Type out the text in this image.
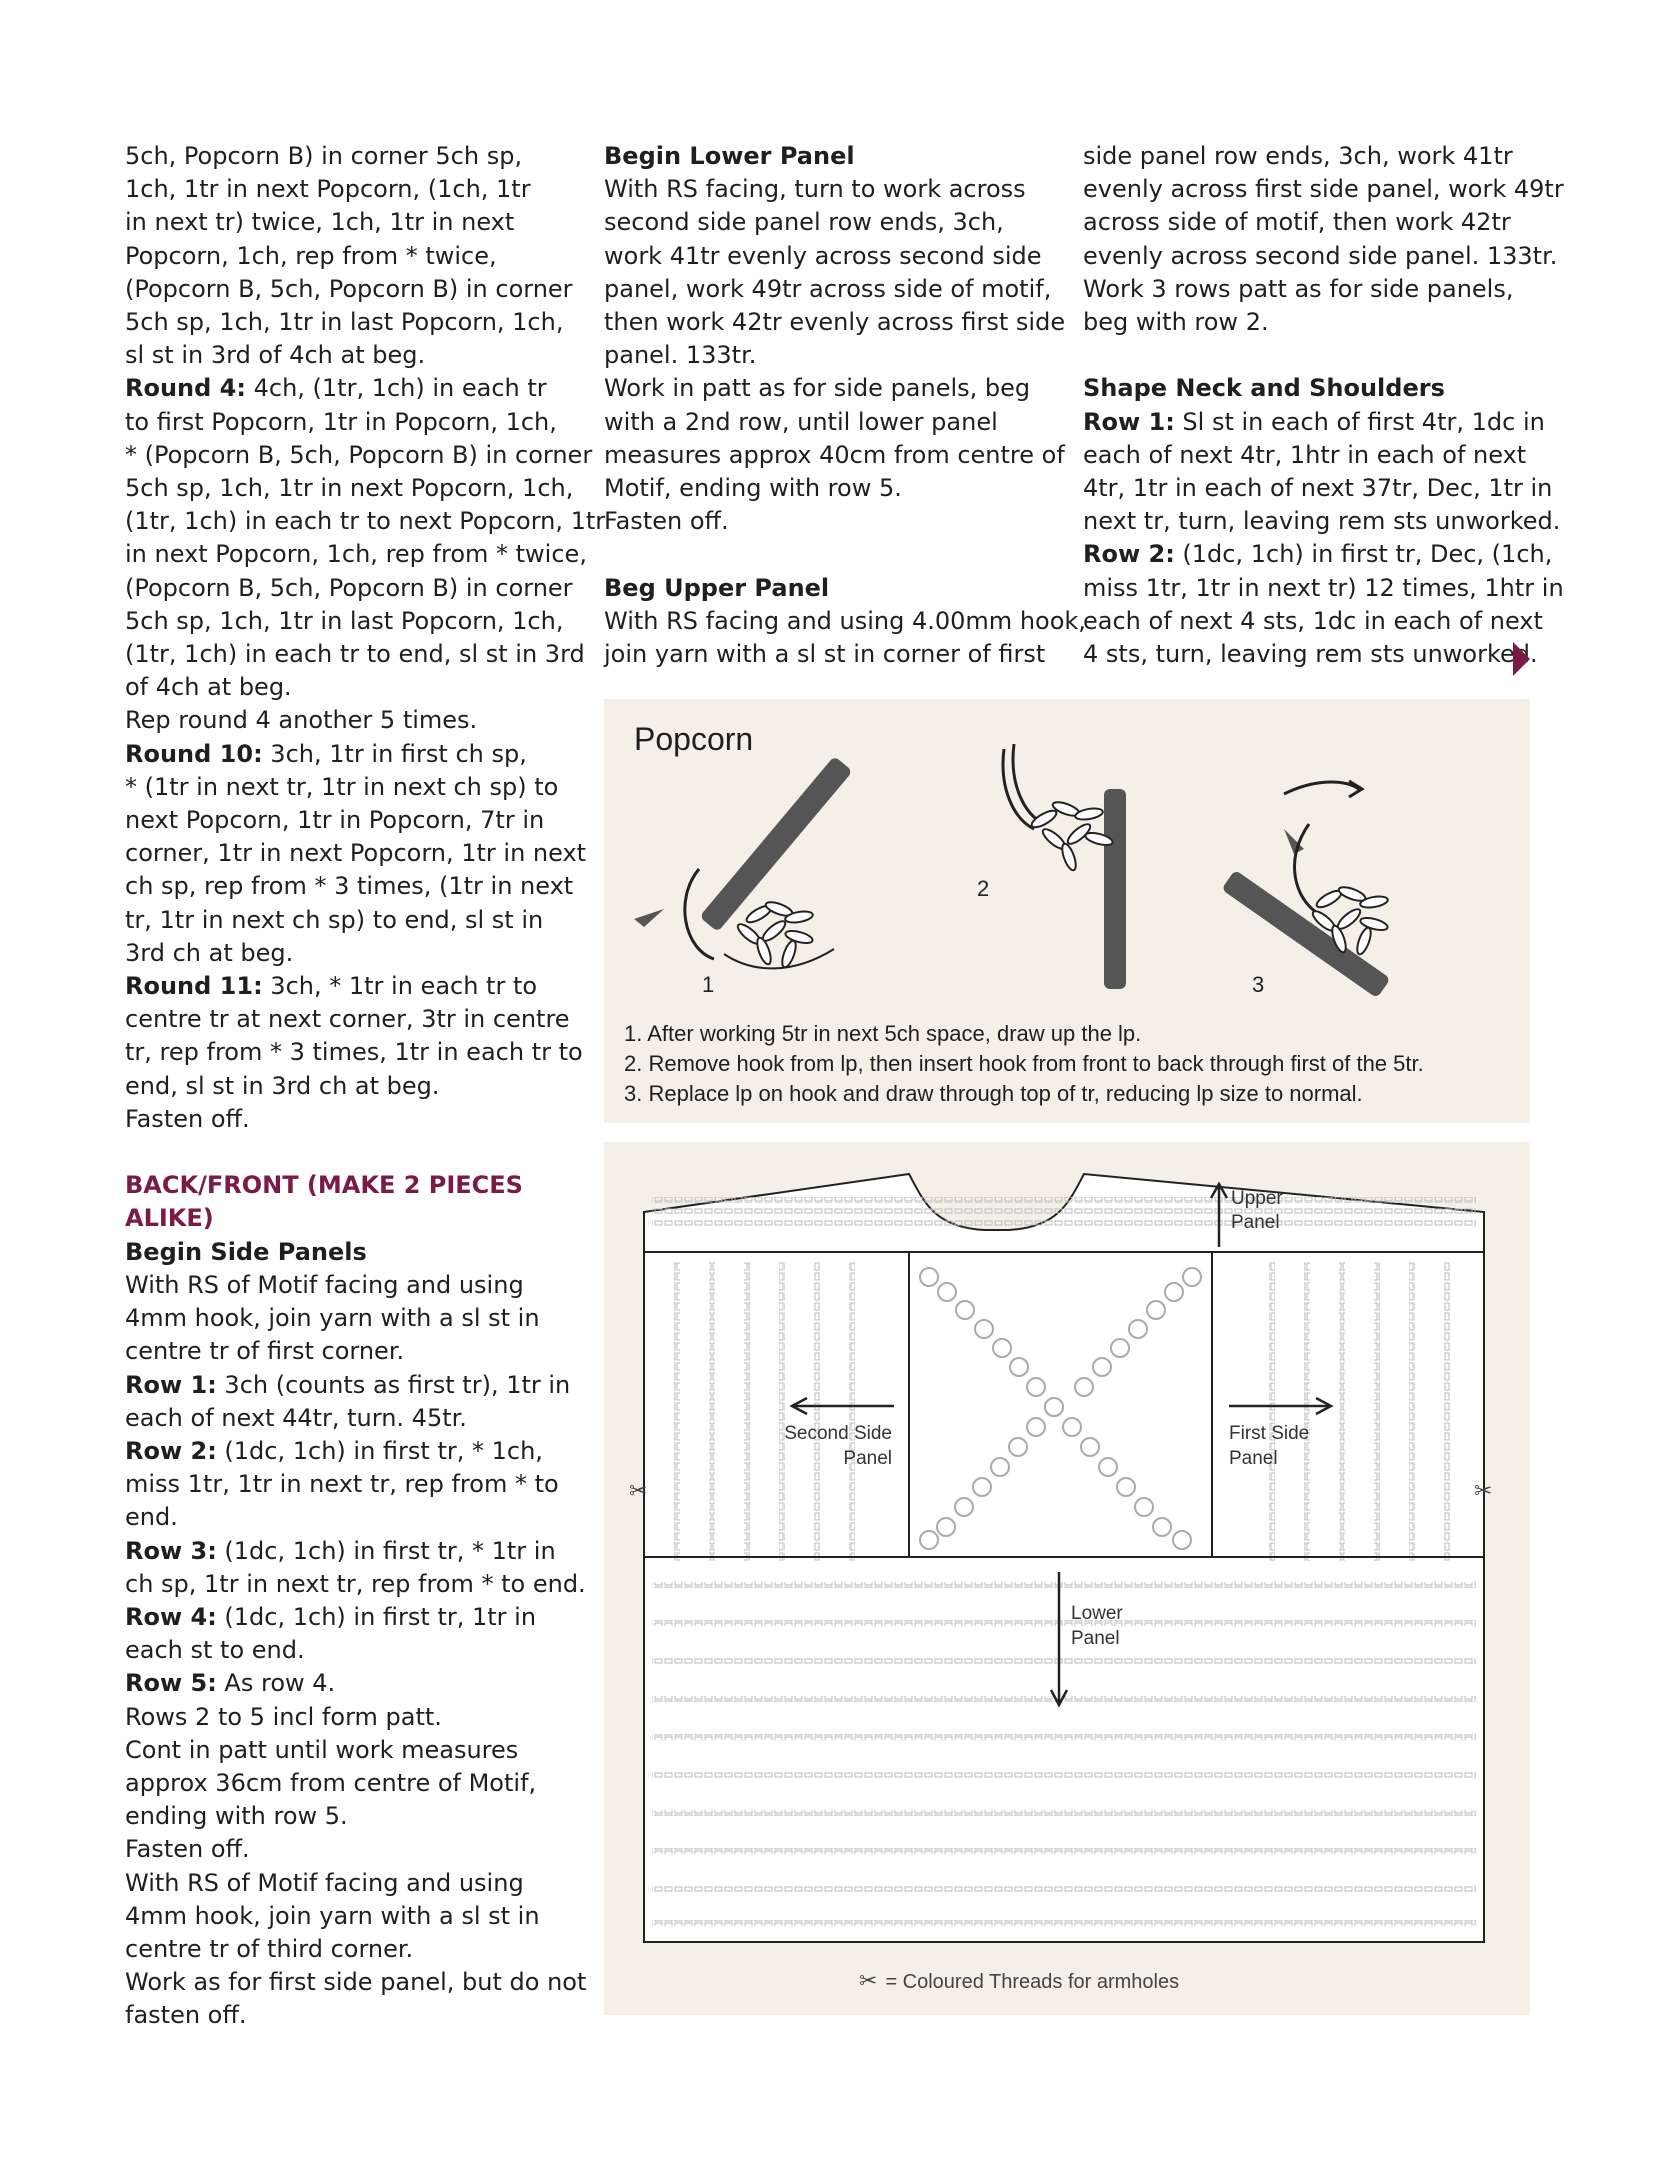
5ch, Popcorn B) in corner 5ch sp,
1ch, 1tr in next Popcorn, (1ch, 1tr
in next tr) twice, 1ch, 1tr in next
Popcorn, 1ch, rep from * twice,
(Popcorn B, 5ch, Popcorn B) in corner
5ch sp, 1ch, 1tr in last Popcorn, 1ch,
sl st in 3rd of 4ch at beg.
Round 4: 4ch, (1tr, 1ch) in each tr
to first Popcorn, 1tr in Popcorn, 1ch,
* (Popcorn B, 5ch, Popcorn B) in corner
5ch sp, 1ch, 1tr in next Popcorn, 1ch,
(1tr, 1ch) in each tr to next Popcorn, 1tr
in next Popcorn, 1ch, rep from * twice,
(Popcorn B, 5ch, Popcorn B) in corner
5ch sp, 1ch, 1tr in last Popcorn, 1ch,
(1tr, 1ch) in each tr to end, sl st in 3rd
of 4ch at beg.
Rep round 4 another 5 times.
Round 10: 3ch, 1tr in first ch sp,
* (1tr in next tr, 1tr in next ch sp) to
next Popcorn, 1tr in Popcorn, 7tr in
corner, 1tr in next Popcorn, 1tr in next
ch sp, rep from * 3 times, (1tr in next
tr, 1tr in next ch sp) to end, sl st in
3rd ch at beg.
Round 11: 3ch, * 1tr in each tr to
centre tr at next corner, 3tr in centre
tr, rep from * 3 times, 1tr in each tr to
end, sl st in 3rd ch at beg.
Fasten off.
BACK/FRONT (MAKE 2 PIECES
ALIKE)
Begin Side Panels
With RS of Motif facing and using
4mm hook, join yarn with a sl st in
centre tr of first corner.
Row 1: 3ch (counts as first tr), 1tr in
each of next 44tr, turn. 45tr.
Row 2: (1dc, 1ch) in first tr, * 1ch,
miss 1tr, 1tr in next tr, rep from * to
end.
Row 3: (1dc, 1ch) in first tr, * 1tr in
ch sp, 1tr in next tr, rep from * to end.
Row 4: (1dc, 1ch) in first tr, 1tr in
each st to end.
Row 5: As row 4.
Rows 2 to 5 incl form patt.
Cont in patt until work measures
approx 36cm from centre of Motif,
ending with row 5.
Fasten off.
With RS of Motif facing and using
4mm hook, join yarn with a sl st in
centre tr of third corner.
Work as for first side panel, but do not
fasten off.
Begin Lower Panel
With RS facing, turn to work across
second side panel row ends, 3ch,
work 41tr evenly across second side
panel, work 49tr across side of motif,
then work 42tr evenly across first side
panel. 133tr.
Work in patt as for side panels, beg
with a 2nd row, until lower panel
measures approx 40cm from centre of
Motif, ending with row 5.
Fasten off.
Beg Upper Panel
With RS facing and using 4.00mm hook,
join yarn with a sl st in corner of first
side panel row ends, 3ch, work 41tr
evenly across first side panel, work 49tr
across side of motif, then work 42tr
evenly across second side panel. 133tr.
Work 3 rows patt as for side panels,
beg with row 2.
Shape Neck and Shoulders
Row 1: Sl st in each of first 4tr, 1dc in
each of next 4tr, 1htr in each of next
4tr, 1tr in each of next 37tr, Dec, 1tr in
next tr, turn, leaving rem sts unworked.
Row 2: (1dc, 1ch) in first tr, Dec, (1ch,
miss 1tr, 1tr in next tr) 12 times, 1htr in
each of next 4 sts, 1dc in each of next
4 sts, turn, leaving rem sts unworked.
Popcorn
1
2
3
1. After working 5tr in next 5ch space, draw up the lp.
2. Remove hook from lp, then insert hook from front to back through first of the 5tr.
3. Replace lp on hook and draw through top of tr, reducing lp size to normal.
✂	✂
Upper
Panel
Second Side
Panel
First Side
Panel
Lower
Panel
✂ = Coloured Threads for armholes
